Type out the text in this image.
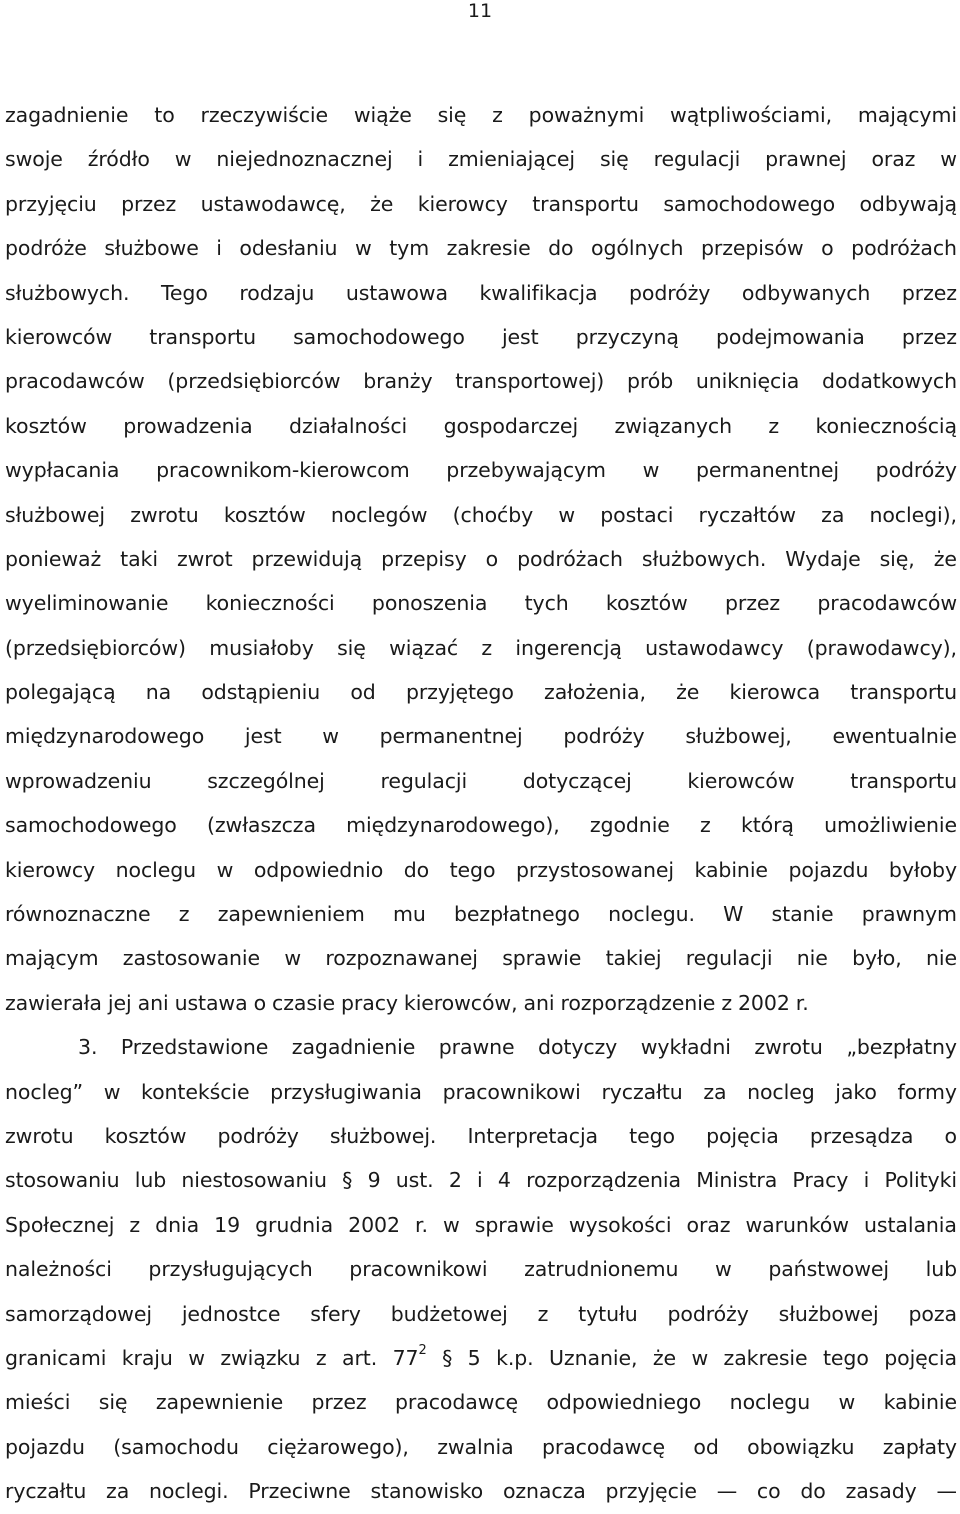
11
zagadnienie to rzeczywiście wiąże się z poważnymi wątpliwościami, mającymi
swoje źródło w niejednoznacznej i zmieniającej się regulacji prawnej oraz w
przyjęciu przez ustawodawcę, że kierowcy transportu samochodowego odbywają
podróże służbowe i odesłaniu w tym zakresie do ogólnych przepisów o podróżach
służbowych. Tego rodzaju ustawowa kwalifikacja podróży odbywanych przez
kierowców transportu samochodowego jest przyczyną podejmowania przez
pracodawców (przedsiębiorców branży transportowej) prób uniknięcia dodatkowych
kosztów prowadzenia działalności gospodarczej związanych z koniecznością
wypłacania pracownikom-kierowcom przebywającym w permanentnej podróży
służbowej zwrotu kosztów noclegów (choćby w postaci ryczałtów za noclegi),
ponieważ taki zwrot przewidują przepisy o podróżach służbowych. Wydaje się, że
wyeliminowanie konieczności ponoszenia tych kosztów przez pracodawców
(przedsiębiorców) musiałoby się wiązać z ingerencją ustawodawcy (prawodawcy),
polegającą na odstąpieniu od przyjętego założenia, że kierowca transportu
międzynarodowego jest w permanentnej podróży służbowej, ewentualnie
wprowadzeniu	szczególnej	regulacji	dotyczącej	kierowców	transportu
samochodowego (zwłaszcza międzynarodowego), zgodnie z którą umożliwienie
kierowcy noclegu w odpowiednio do tego przystosowanej kabinie pojazdu byłoby
równoznaczne z zapewnieniem mu bezpłatnego noclegu. W stanie prawnym
mającym zastosowanie w rozpoznawanej sprawie takiej regulacji nie było, nie
zawierała jej ani ustawa o czasie pracy kierowców, ani rozporządzenie z 2002 r.
3. Przedstawione zagadnienie prawne dotyczy wykładni zwrotu „bezpłatny
nocleg” w kontekście przysługiwania pracownikowi ryczałtu za nocleg jako formy
zwrotu kosztów podróży służbowej. Interpretacja tego pojęcia przesądza o
stosowaniu lub niestosowaniu § 9 ust. 2 i 4 rozporządzenia Ministra Pracy i Polityki
Społecznej z dnia 19 grudnia 2002 r. w sprawie wysokości oraz warunków ustalania
należności przysługujących pracownikowi zatrudnionemu w państwowej lub
samorządowej jednostce sfery budżetowej z tytułu podróży służbowej poza
granicami kraju w związku z art. $77^2$ § 5 k.p. Uznanie, że w zakresie tego pojęcia
mieści się zapewnienie przez pracodawcę odpowiedniego noclegu w kabinie
pojazdu (samochodu ciężarowego), zwalnia pracodawcę od obowiązku zapłaty
ryczałtu za noclegi. Przeciwne stanowisko oznacza przyjęcie — co do zasady —
